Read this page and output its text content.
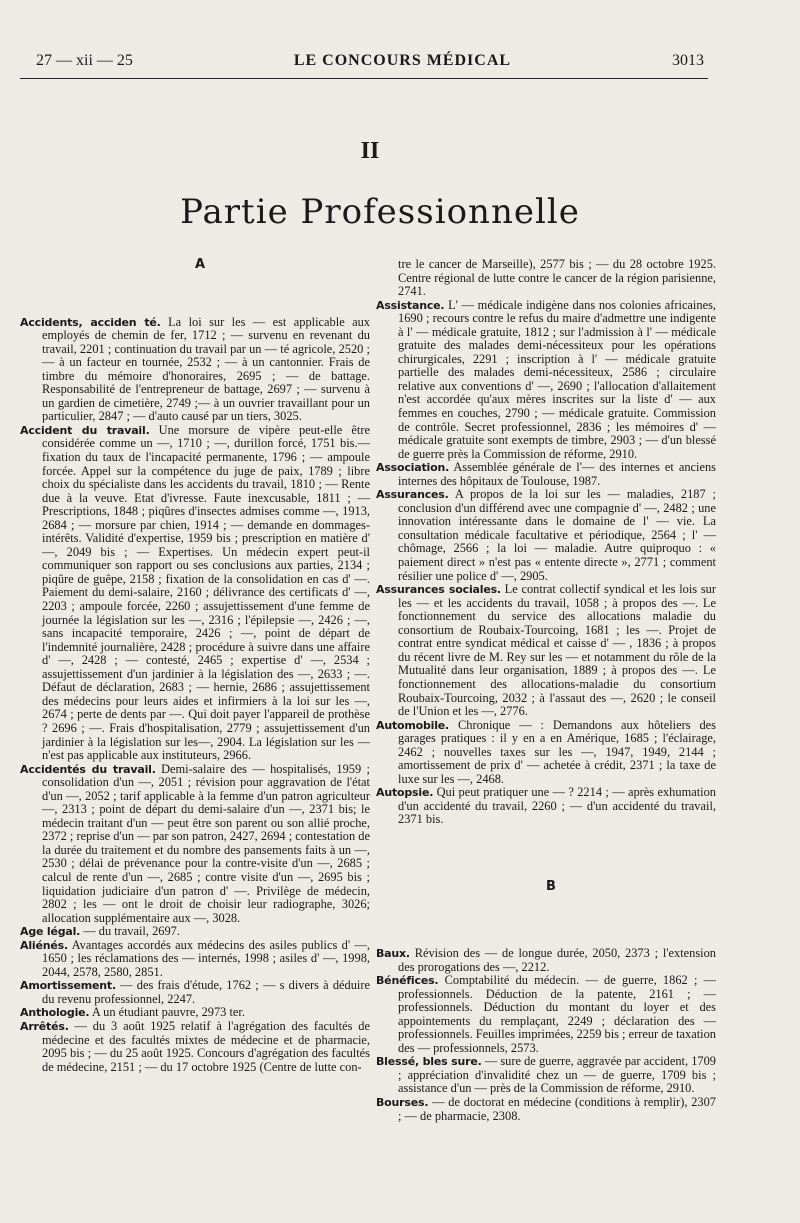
27 — xii — 25	LE CONCOURS MÉDICAL	3013
II
Partie Professionnelle
A

Accidents, acciden té. La loi sur les — est applicable aux employés de chemin de fer, 1712 ; — survenu en revenant du travail, 2201 ; continuation du travail par un — té agricole, 2520 ; — à un facteur en tournée, 2532 ; — à un cantonnier. Frais de timbre du mémoire d'honoraires, 2695 ; — de battage. Responsabilité de l'entrepreneur de battage, 2697 ; — survenu à un gardien de cimetière, 2749 ;— à un ouvrier travaillant pour un particulier, 2847 ; — d'auto causé par un tiers, 3025.

Accident du travail. Une morsure de vipère peut-elle être considérée comme un —, 1710 ; —, durillon forcé, 1751 bis.— fixation du taux de l'incapacité permanente, 1796 ; — ampoule forcée. Appel sur la compétence du juge de paix, 1789 ; libre choix du spécialiste dans les accidents du travail, 1810 ; — Rente due à la veuve. Etat d'ivresse. Faute inexcusable, 1811 ; — Prescriptions, 1848 ; piqûres d'insectes admises comme —, 1913, 2684 ; — morsure par chien, 1914 ; — demande en dommages-intérêts. Validité d'expertise, 1959 bis ; prescription en matière d' —, 2049 bis ; — Expertises. Un médecin expert peut-il communiquer son rapport ou ses conclusions aux parties, 2134 ; piqûre de guêpe, 2158 ; fixation de la consolidation en cas d' —. Paiement du demi-salaire, 2160 ; délivrance des certificats d' —, 2203 ; ampoule forcée, 2260 ; assujettissement d'une femme de journée la législation sur les —, 2316 ; l'épilepsie —, 2426 ; —, sans incapacité temporaire, 2426 ; —, point de départ de l'indemnité journalière, 2428 ; procédure à suivre dans une affaire d' —, 2428 ; — contesté, 2465 ; expertise d' —, 2534 ; assujettissement d'un jardinier à la législation des —, 2633 ; —. Défaut de déclaration, 2683 ; — hernie, 2686 ; assujettissement des médecins pour leurs aides et infirmiers à la loi sur les —, 2674 ; perte de dents par —. Qui doit payer l'appareil de prothèse ? 2696 ; —. Frais d'hospitalisation, 2779 ; assujettissement d'un jardinier à la législation sur les—, 2904. La législation sur les — n'est pas applicable aux instituteurs, 2966.

Accidentés du travail. Demi-salaire des — hospitalisés, 1959 ; consolidation d'un —, 2051 ; révision pour aggravation de l'état d'un —, 2052 ; tarif applicable à la femme d'un patron agriculteur —, 2313 ; point de départ du demi-salaire d'un —, 2371 bis; le médecin traitant d'un — peut être son parent ou son allié proche, 2372 ; reprise d'un — par son patron, 2427, 2694 ; contestation de la durée du traitement et du nombre des pansements faits à un —, 2530 ; délai de prévenance pour la contre-visite d'un —, 2685 ; calcul de rente d'un —, 2685 ; contre visite d'un —, 2695 bis ; liquidation judiciaire d'un patron d' —. Privilège de médecin, 2802 ; les — ont le droit de choisir leur radiographe, 3026; allocation supplémentaire aux —, 3028.

Age légal. — du travail, 2697.

Aliénés. Avantages accordés aux médecins des asiles publics d' —, 1650 ; les réclamations des — internés, 1998 ; asiles d' —, 1998, 2044, 2578, 2580, 2851.

Amortissement. — des frais d'étude, 1762 ; — s divers à déduire du revenu professionnel, 2247.

Anthologie. A un étudiant pauvre, 2973 ter.

Arrêtés. — du 3 août 1925 relatif à l'agrégation des facultés de médecine et des facultés mixtes de médecine et de pharmacie, 2095 bis ; — du 25 août 1925. Concours d'agrégation des facultés de médecine, 2151 ; — du 17 octobre 1925 (Centre de lutte con-

tre le cancer de Marseille), 2577 bis ; — du 28 octobre 1925. Centre régional de lutte contre le cancer de la région parisienne, 2741.

Assistance. L' — médicale indigène dans nos colonies africaines, 1690 ; recours contre le refus du maire d'admettre une indigente à l' — médicale gratuite, 1812 ; sur l'admission à l' — médicale gratuite des malades demi-nécessiteux pour les opérations chirurgicales, 2291 ; inscription à l' — médicale gratuite partielle des malades demi-nécessiteux, 2586 ; circulaire relative aux conventions d' —, 2690 ; l'allocation d'allaitement n'est accordée qu'aux mères inscrites sur la liste d' — aux femmes en couches, 2790 ; — médicale gratuite. Commission de contrôle. Secret professionnel, 2836 ; les mémoires d' — médicale gratuite sont exempts de timbre, 2903 ; — d'un blessé de guerre près la Commission de réforme, 2910.

Association. Assemblée générale de l'— des internes et anciens internes des hôpitaux de Toulouse, 1987.

Assurances. A propos de la loi sur les — maladies, 2187 ; conclusion d'un différend avec une compagnie d' —, 2482 ; une innovation intéressante dans le domaine de l' — vie. La consultation médicale facultative et périodique, 2564 ; l' — chômage, 2566 ; la loi — maladie. Autre quiproquo : « paiement direct » n'est pas « entente directe », 2771 ; comment résilier une police d' —, 2905.

Assurances sociales. Le contrat collectif syndical et les lois sur les — et les accidents du travail, 1058 ; à propos des —. Le fonctionnement du service des allocations maladie du consortium de Roubaix-Tourcoing, 1681 ; les —. Projet de contrat entre syndicat médical et caisse d' — , 1836 ; à propos du récent livre de M. Rey sur les — et notamment du rôle de la Mutualité dans leur organisation, 1889 ; à propos des —. Le fonctionnement des allocations-maladie du consortium Roubaix-Tourcoing, 2032 ; à l'assaut des —, 2620 ; le conseil de l'Union et les —, 2776.

Automobile. Chronique — : Demandons aux hôteliers des garages pratiques : il y en a en Amérique, 1685 ; l'éclairage, 2462 ; nouvelles taxes sur les —, 1947, 1949, 2144 ; amortissement de prix d' — achetée à crédit, 2371 ; la taxe de luxe sur les —, 2468.

Autopsie. Qui peut pratiquer une — ? 2214 ; — après exhumation d'un accidenté du travail, 2260 ; — d'un accidenté du travail, 2371 bis.

B

Baux. Révision des — de longue durée, 2050, 2373 ; l'extension des prorogations des —, 2212.

Bénéfices. Comptabilité du médecin. — de guerre, 1862 ; — professionnels. Déduction de la patente, 2161 ; — professionnels. Déduction du montant du loyer et des appointements du remplaçant, 2249 ; déclaration des — professionnels. Feuilles imprimées, 2259 bis ; erreur de taxation des — professionnels, 2573.

Blessé, bles sure. — sure de guerre, aggravée par accident, 1709 ; appréciation d'invalidité chez un — de guerre, 1709 bis ; assistance d'un — près de la Commission de réforme, 2910.

Bourses. — de doctorat en médecine (conditions à remplir), 2307 ; — de pharmacie, 2308.
